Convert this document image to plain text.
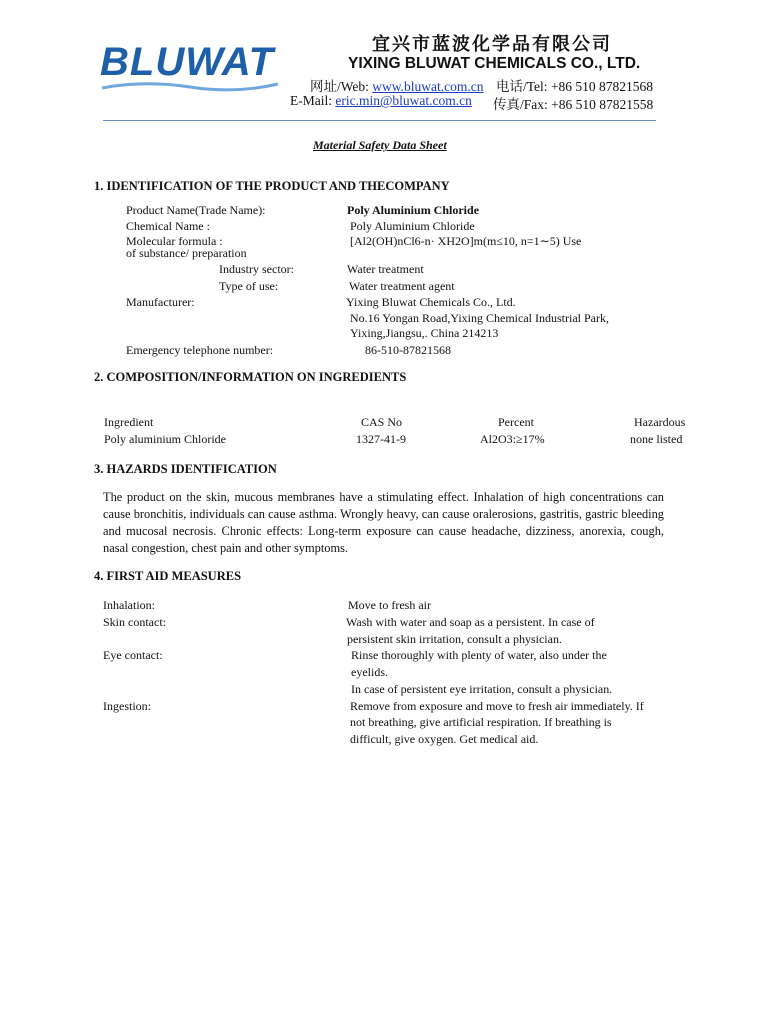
BLUWAT	宜兴市蓝波化学品有限公司
YIXING BLUWAT CHEMICALS CO., LTD.
网址/Web: www.bluwat.com.cn 电话/Tel: +86 510 87821568
E-Mail: eric.min@bluwat.com.cn 传真/Fax: +86 510 87821558
Material Safety Data Sheet
1. IDENTIFICATION OF THE PRODUCT AND THECOMPANY
Product Name(Trade Name):	Poly Aluminium Chloride
Chemical Name :	Poly Aluminium Chloride
Molecular formula :	[Al2(OH)nCl6-n· XH2O]m(m≤10, n=1∼5) Use
of substance/ preparation
Industry sector:	Water treatment
Type of use:	Water treatment agent
Manufacturer:	Yixing Bluwat Chemicals Co., Ltd.
No.16 Yongan Road,Yixing Chemical Industrial Park,
Yixing,Jiangsu,. China 214213
Emergency telephone number:	86-510-87821568
2. COMPOSITION/INFORMATION ON INGREDIENTS
Ingredient	CAS No	Percent	Hazardous
Poly aluminium Chloride	1327-41-9	Al2O3:≥17%	none listed
3. HAZARDS IDENTIFICATION
The product on the skin, mucous membranes have a stimulating effect. Inhalation of high concentrations can cause bronchitis, individuals can cause asthma. Wrongly heavy, can cause oralerosions, gastritis, gastric bleeding and mucosal necrosis. Chronic effects: Long-term exposure can cause headache, dizziness, anorexia, cough, nasal congestion, chest pain and other symptoms.
4. FIRST AID MEASURES
Inhalation:	Move to fresh air
Skin contact:	Wash with water and soap as a persistent. In case of
persistent skin irritation, consult a physician.
Eye contact:	Rinse thoroughly with plenty of water, also under the
eyelids.
In case of persistent eye irritation, consult a physician.
Ingestion:	Remove from exposure and move to fresh air immediately. If
not breathing, give artificial respiration. If breathing is
difficult, give oxygen. Get medical aid.
